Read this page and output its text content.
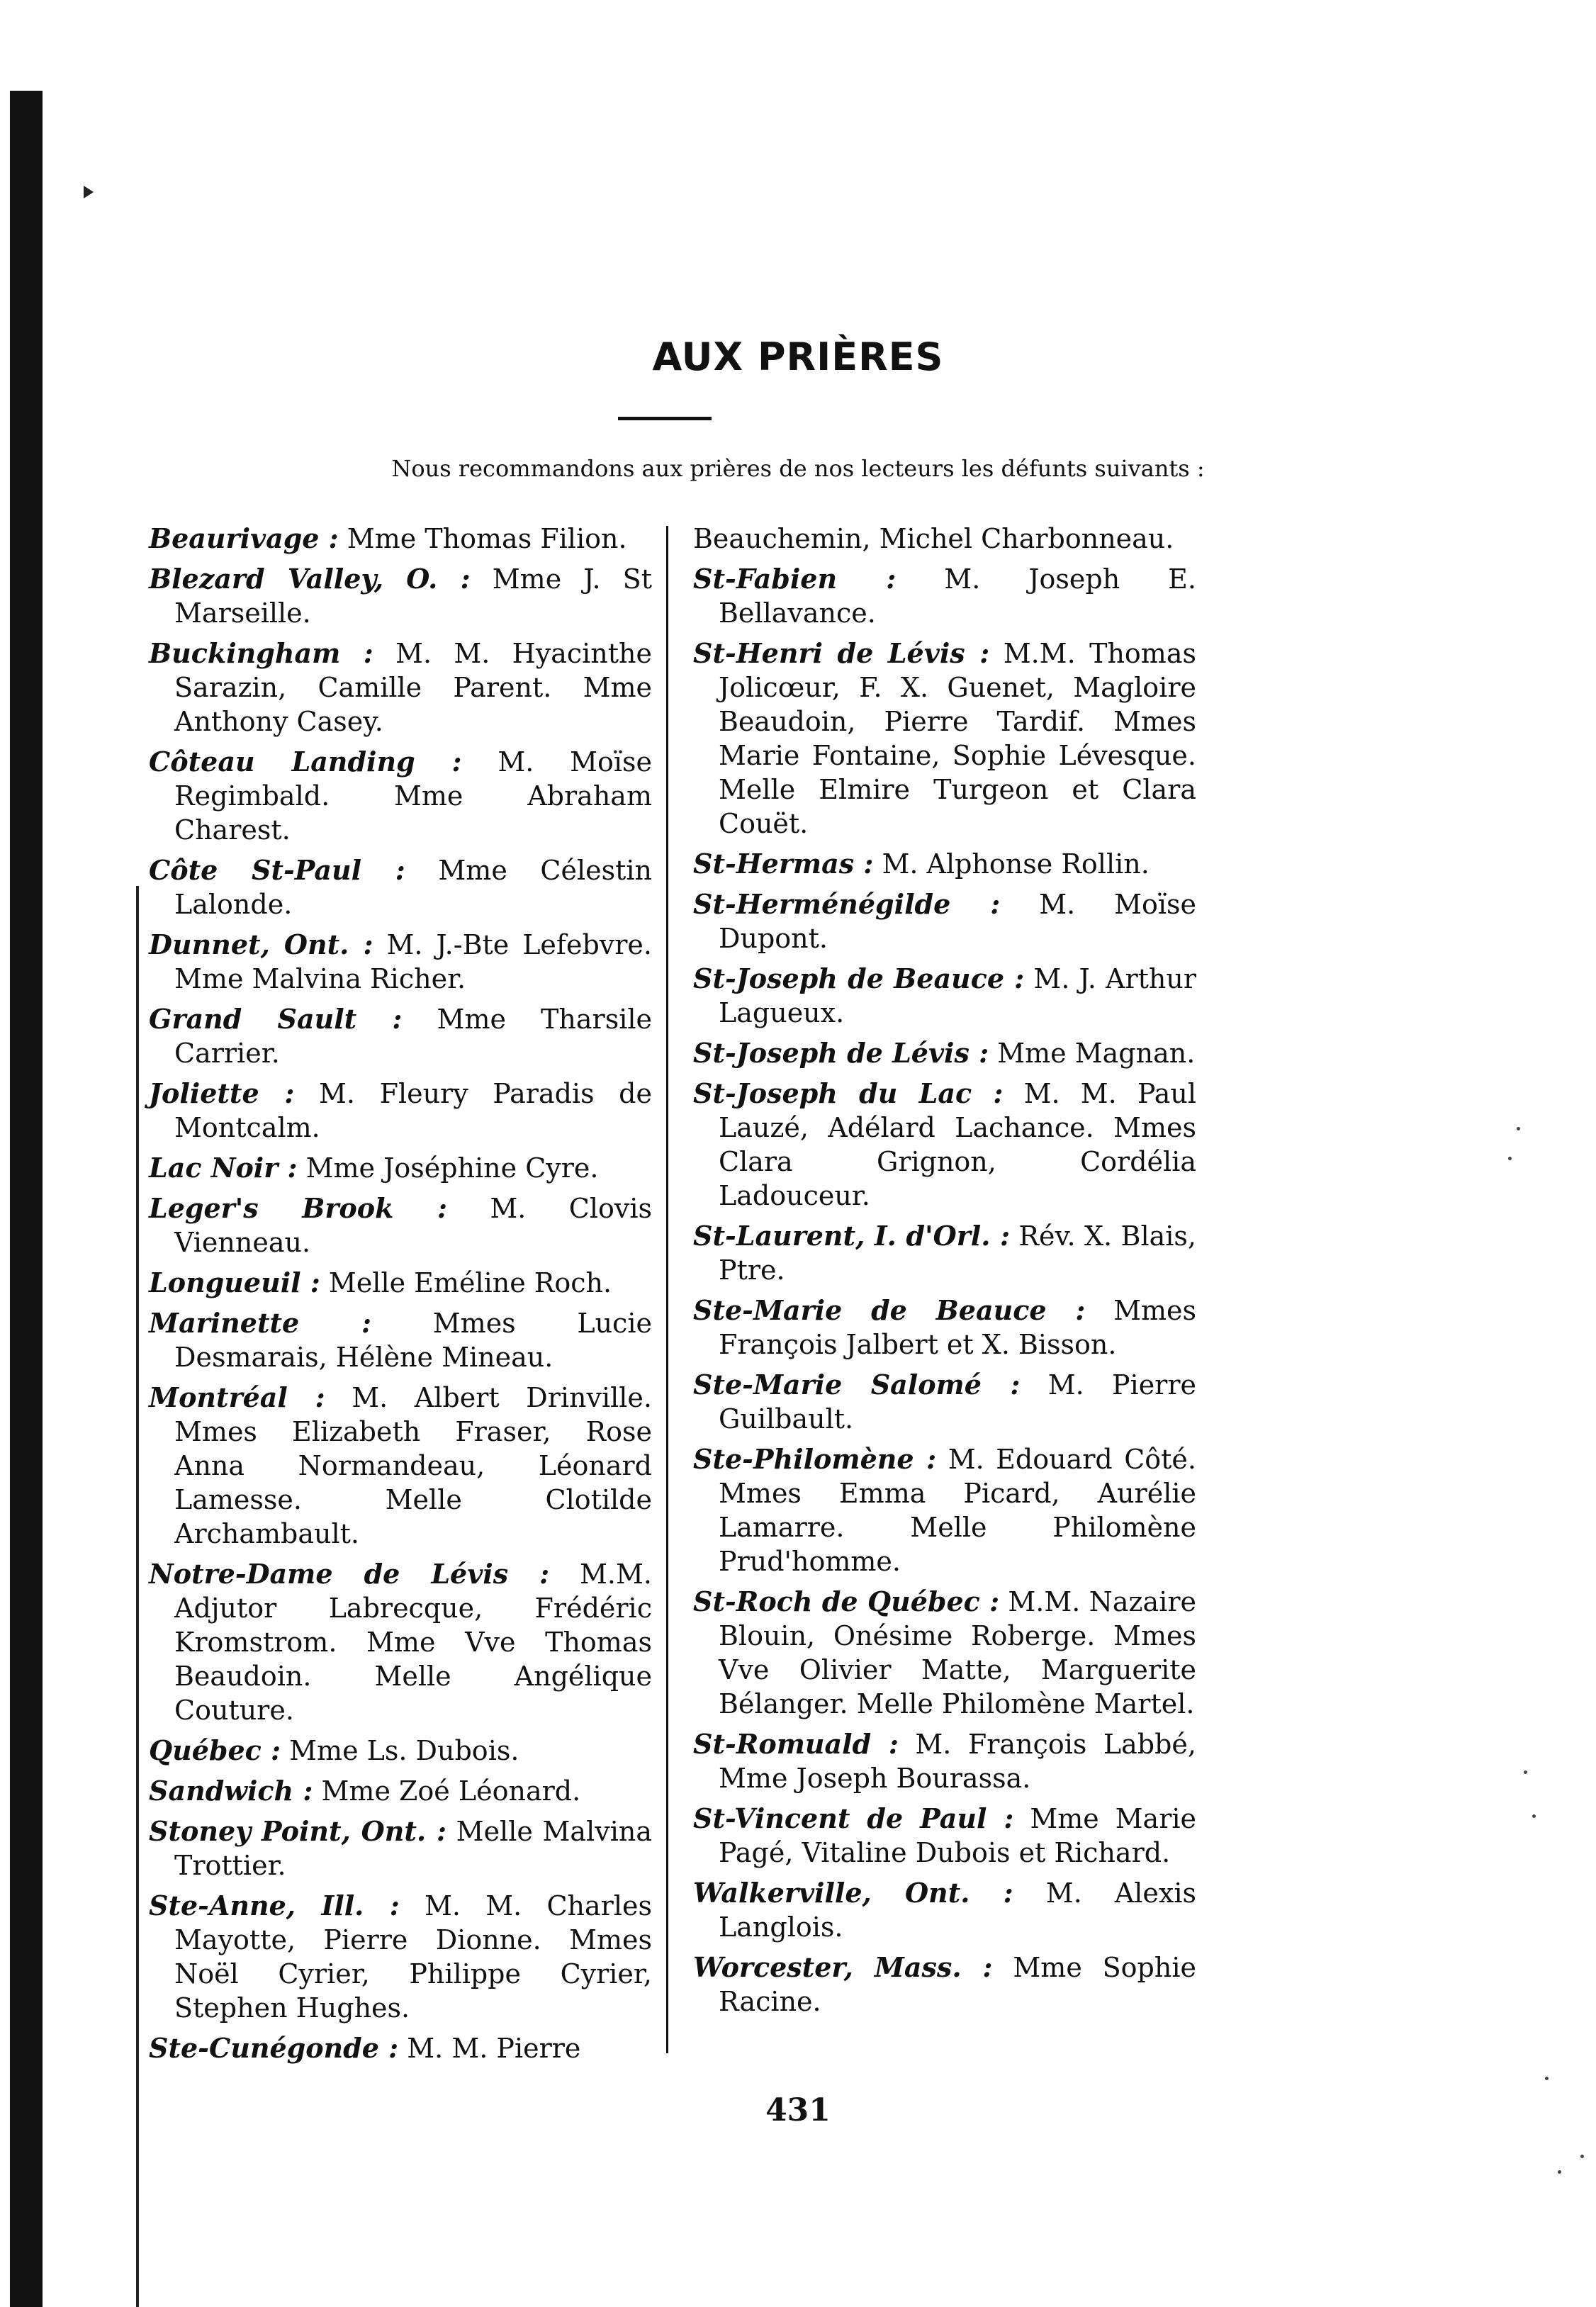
AUX PRIÈRES
Nous recommandons aux prières de nos lecteurs les défunts suivants :

Beaurivage : Mme Thomas Filion.

Blezard Valley, O. : Mme J. St Marseille.

Buckingham : M. M. Hyacinthe Sarazin, Camille Parent. Mme Anthony Casey.

Côteau Landing : M. Moïse Regimbald. Mme Abraham Charest.

Côte St-Paul : Mme Célestin Lalonde.

Dunnet, Ont. : M. J.-Bte Lefebvre. Mme Malvina Richer.

Grand Sault : Mme Tharsile Carrier.

Joliette : M. Fleury Paradis de Montcalm.

Lac Noir : Mme Joséphine Cyre.

Leger's Brook : M. Clovis Vienneau.

Longueuil : Melle Eméline Roch.

Marinette : Mmes Lucie Desmarais, Hélène Mineau.

Montréal : M. Albert Drinville. Mmes Elizabeth Fraser, Rose Anna Normandeau, Léonard Lamesse. Melle Clotilde Archambault.

Notre-Dame de Lévis : M.M. Adjutor Labrecque, Frédéric Kromstrom. Mme Vve Thomas Beaudoin. Melle Angélique Couture.

Québec : Mme Ls. Dubois.

Sandwich : Mme Zoé Léonard.

Stoney Point, Ont. : Melle Malvina Trottier.

Ste-Anne, Ill. : M. M. Charles Mayotte, Pierre Dionne. Mmes Noël Cyrier, Philippe Cyrier, Stephen Hughes.

Ste-Cunégonde : M. M. Pierre

Beauchemin, Michel Charbonneau.

St-Fabien : M. Joseph E. Bellavance.

St-Henri de Lévis : M.M. Thomas Jolicœur, F. X. Guenet, Magloire Beaudoin, Pierre Tardif. Mmes Marie Fontaine, Sophie Lévesque. Melle Elmire Turgeon et Clara Couët.

St-Hermas : M. Alphonse Rollin.

St-Herménégilde : M. Moïse Dupont.

St-Joseph de Beauce : M. J. Arthur Lagueux.

St-Joseph de Lévis : Mme Magnan.

St-Joseph du Lac : M. M. Paul Lauzé, Adélard Lachance. Mmes Clara Grignon, Cordélia Ladouceur.

St-Laurent, I. d'Orl. : Rév. X. Blais, Ptre.

Ste-Marie de Beauce : Mmes François Jalbert et X. Bisson.

Ste-Marie Salomé : M. Pierre Guilbault.

Ste-Philomène : M. Edouard Côté. Mmes Emma Picard, Aurélie Lamarre. Melle Philomène Prud'homme.

St-Roch de Québec : M.M. Nazaire Blouin, Onésime Roberge. Mmes Vve Olivier Matte, Marguerite Bélanger. Melle Philomène Martel.

St-Romuald : M. François Labbé, Mme Joseph Bourassa.

St-Vincent de Paul : Mme Marie Pagé, Vitaline Dubois et Richard.

Walkerville, Ont. : M. Alexis Langlois.

Worcester, Mass. : Mme Sophie Racine.

431
